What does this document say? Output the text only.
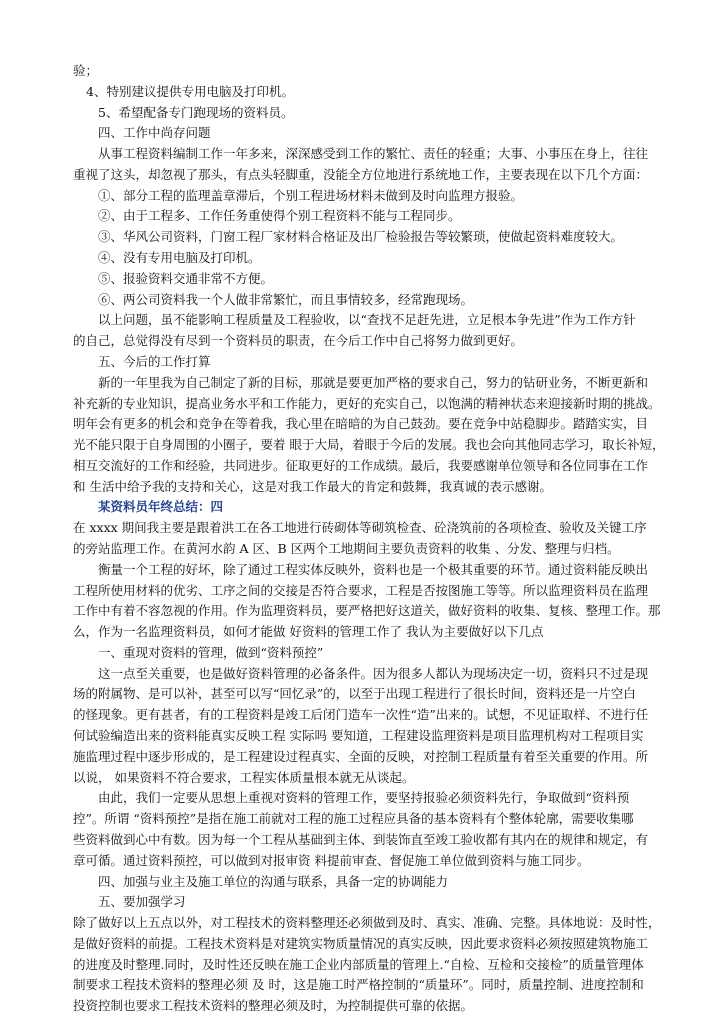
验；
4、特别建议提供专用电脑及打印机。
5、希望配备专门跑现场的资料员。
四、工作中尚存问题
从事工程资料编制工作一年多来，深深感受到工作的繁忙、责任的轻重；大事、小事压在身上，往往
重视了这头，却忽视了那头，有点头轻脚重，没能全方位地进行系统地工作，主要表现在以下几个方面：
①、部分工程的监理盖章滞后，个别工程进场材料未做到及时向监理方报验。
②、由于工程多、工作任务重使得个别工程资料不能与工程同步。
③、华风公司资料，门窗工程厂家材料合格证及出厂检验报告等较繁琐，使做起资料难度较大。
④、没有专用电脑及打印机。
⑤、报验资料交通非常不方便。
⑥、两公司资料我一个人做非常繁忙，而且事情较多，经常跑现场。
以上问题，虽不能影响工程质量及工程验收，以“查找不足赶先进，立足根本争先进”作为工作方针
的自己，总觉得没有尽到一个资料员的职责，在今后工作中自己将努力做到更好。
五、今后的工作打算
新的一年里我为自己制定了新的目标，那就是要更加严格的要求自己，努力的钻研业务，不断更新和
补充新的专业知识，提高业务水平和工作能力，更好的充实自己，以饱满的精神状态来迎接新时期的挑战。
明年会有更多的机会和竞争在等着我，我心里在暗暗的为自己鼓劲。要在竞争中站稳脚步。踏踏实实，目
光不能只限于自身周围的小圈子，要着 眼于大局，着眼于今后的发展。我也会向其他同志学习，取长补短，
相互交流好的工作和经验，共同进步。征取更好的工作成绩。最后，我要感谢单位领导和各位同事在工作
和 生活中给予我的支持和关心，这是对我工作最大的肯定和鼓舞，我真诚的表示感谢。
某资料员年终总结：四
在 xxxx 期间我主要是跟着洪工在各工地进行砖砌体等砌筑检查、砼浇筑前的各项检查、验收及关键工序
的旁站监理工作。在黄河水韵 A 区、B 区两个工地期间主要负责资料的收集 、分发、整理与归档。
衡量一个工程的好坏，除了通过工程实体反映外，资料也是一个极其重要的环节。通过资料能反映出
工程所使用材料的优劣、工序之间的交接是否符合要求，工程是否按图施工等等。所以监理资料员在监理
工作中有着不容忽视的作用。作为监理资料员，要严格把好这道关，做好资料的收集、复核、整理工作。那
么，作为一名监理资料员，如何才能做 好资料的管理工作了 我认为主要做好以下几点
一、重现对资料的管理，做到“资料预控”
这一点至关重要，也是做好资料管理的必备条件。因为很多人都认为现场决定一切，资料只不过是现
场的附属物、是可以补，甚至可以写“回忆录”的，以至于出现工程进行了很长时间，资料还是一片空白
的怪现象。更有甚者，有的工程资料是竣工后闭门造车一次性“造”出来的。试想，不见证取样、不进行任
何试验编造出来的资料能真实反映工程 实际吗 要知道，工程建设监理资料是项目监理机构对工程项目实
施监理过程中逐步形成的，是工程建设过程真实、全面的反映，对控制工程质量有着至关重要的作用。所
以说， 如果资料不符合要求，工程实体质量根本就无从谈起。
由此，我们一定要从思想上重视对资料的管理工作，要坚持报验必须资料先行，争取做到“资料预
控”。所谓 “资料预控”是指在施工前就对工程的施工过程应具备的基本资料有个整体轮廓，需要收集哪
些资料做到心中有数。因为每一个工程从基础到主体、到装饰直至竣工验收都有其内在的规律和规定，有
章可循。通过资料预控，可以做到对报审资 料提前审查、督促施工单位做到资料与施工同步。
四、加强与业主及施工单位的沟通与联系，具备一定的协调能力
五、要加强学习
除了做好以上五点以外，对工程技术的资料整理还必须做到及时、真实、准确、完整。具体地说：及时性，
是做好资料的前提。工程技术资料是对建筑实物质量情况的真实反映，因此要求资料必须按照建筑物施工
的进度及时整理.同时，及时性还反映在施工企业内部质量的管理上.“自检、互检和交接检”的质量管理体
制要求工程技术资料的整理必须 及 时，这是施工时严格控制的“质量环”。同时，质量控制、进度控制和
投资控制也要求工程技术资料的整理必须及时，为控制提供可靠的依据。
